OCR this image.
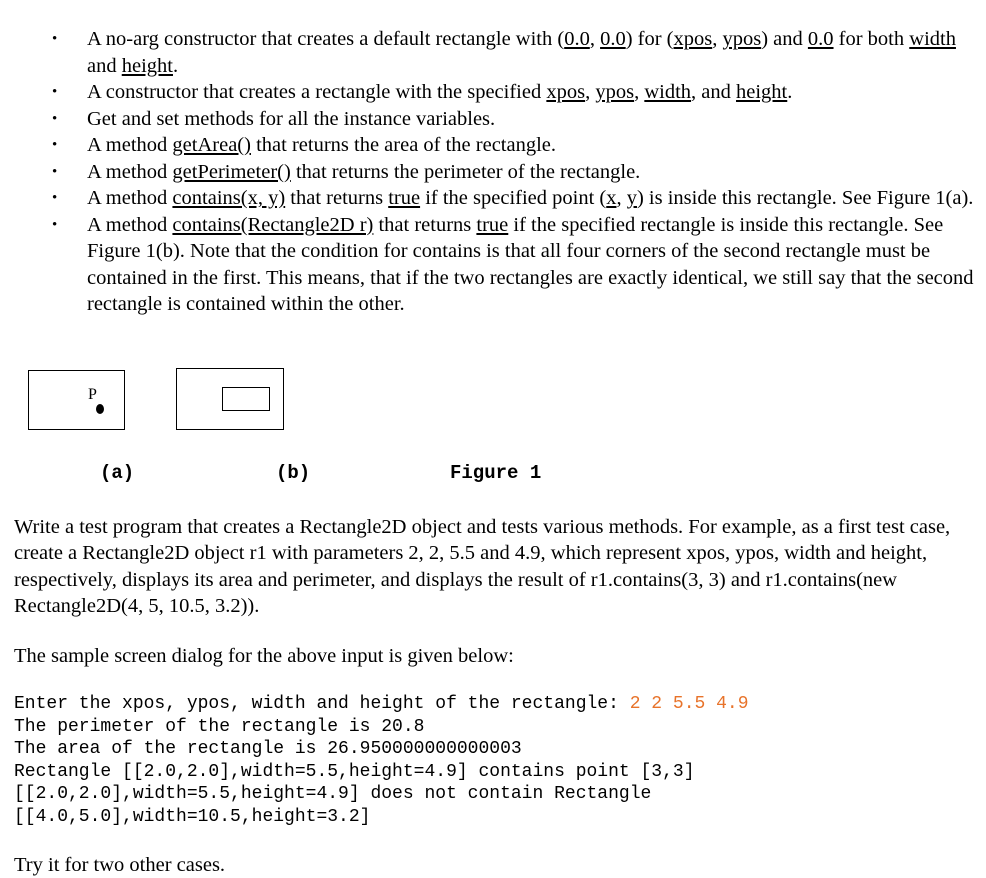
•	A no-arg constructor that creates a default rectangle with (0.0, 0.0) for (xpos, ypos) and 0.0 for both width and height.
•	A constructor that creates a rectangle with the specified xpos, ypos, width, and height.
•	Get and set methods for all the instance variables.
•	A method getArea() that returns the area of the rectangle.
•	A method getPerimeter() that returns the perimeter of the rectangle.
•	A method contains(x, y) that returns true if the specified point (x, y) is inside this rectangle. See Figure 1(a).
•	A method contains(Rectangle2D r) that returns true if the specified rectangle is inside this rectangle. See Figure 1(b). Note that the condition for contains is that all four corners of the second rectangle must be contained in the first. This means, that if the two rectangles are exactly identical, we still say that the second rectangle is contained within the other.
P
(a)	(b)	Figure 1

Write a test program that creates a Rectangle2D object and tests various methods. For example, as a first test case, create a Rectangle2D object r1 with parameters 2, 2, 5.5 and 4.9, which represent xpos, ypos, width and height, respectively, displays its area and perimeter, and displays the result of r1.contains(3, 3) and r1.contains(new Rectangle2D(4, 5, 10.5, 3.2)).

The sample screen dialog for the above input is given below:

Enter the xpos, ypos, width and height of the rectangle: 2 2 5.5 4.9
The perimeter of the rectangle is 20.8
The area of the rectangle is 26.950000000000003
Rectangle [[2.0,2.0],width=5.5,height=4.9] contains point [3,3]
[[2.0,2.0],width=5.5,height=4.9] does not contain Rectangle
[[4.0,5.0],width=10.5,height=3.2]

Try it for two other cases.
